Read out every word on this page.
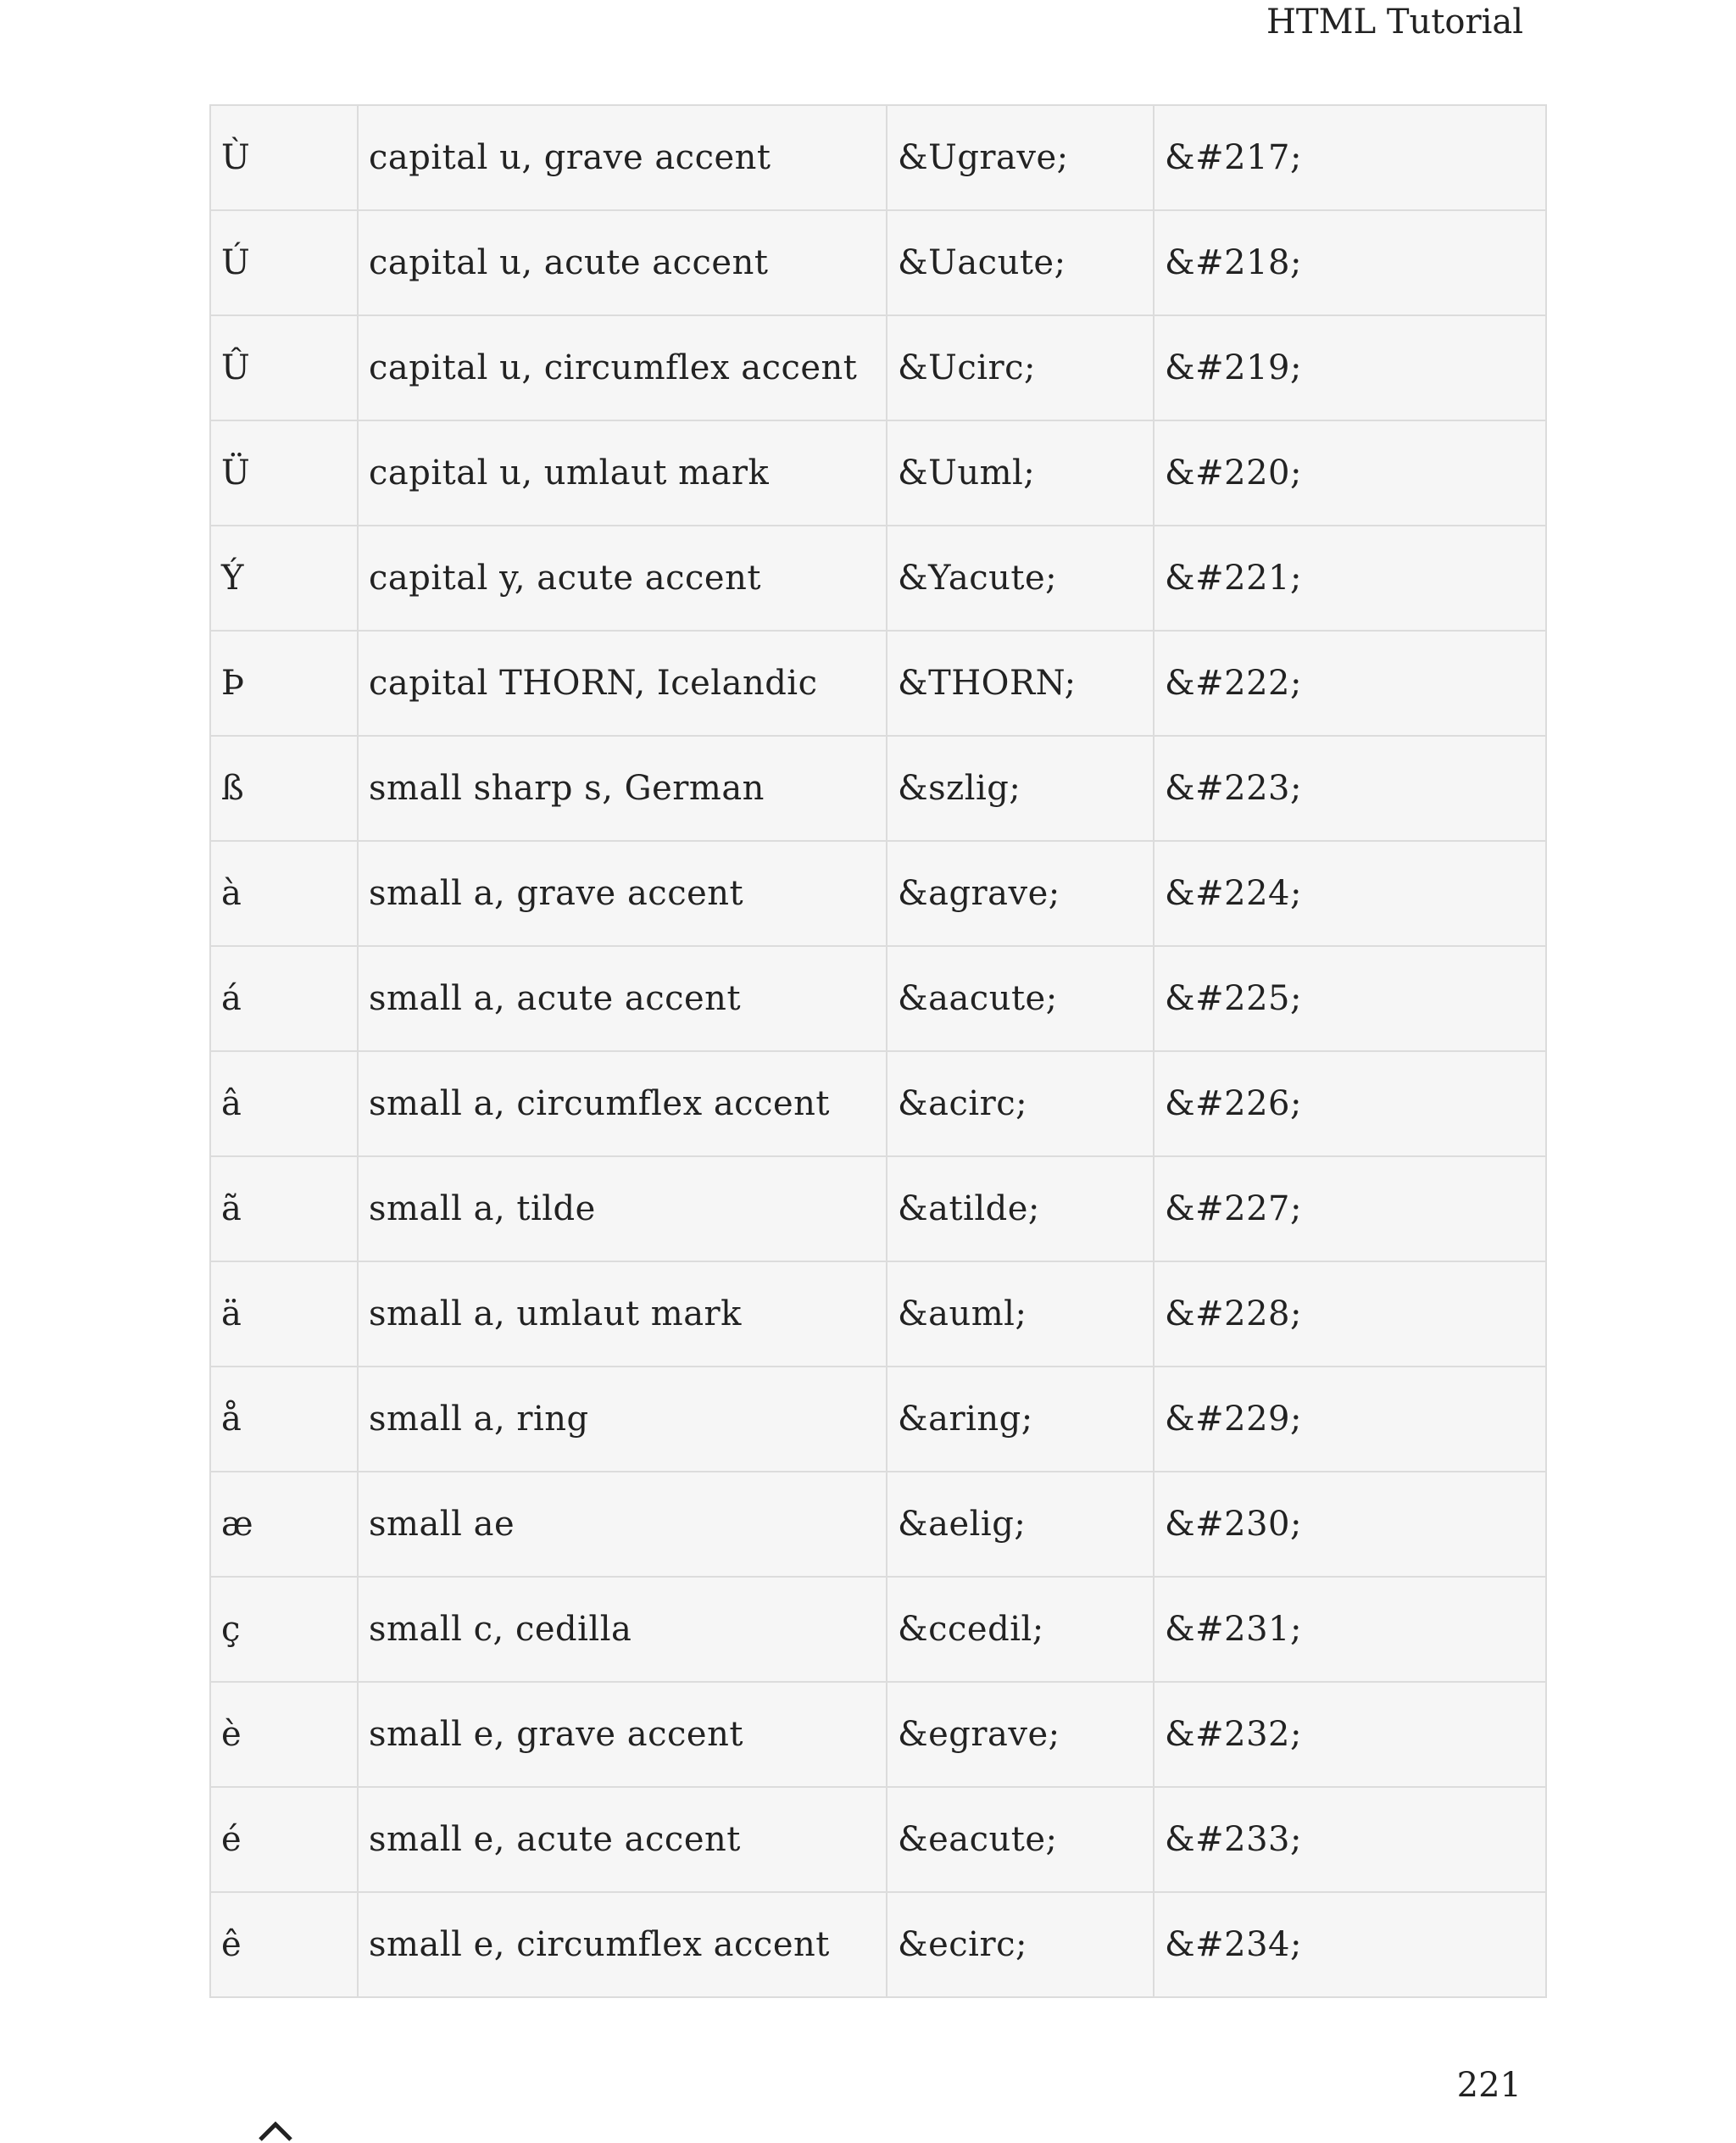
HTML Tutorial
Ù	capital u, grave accent	&Ugrave;	&#217;
Ú	capital u, acute accent	&Uacute;	&#218;
Û	capital u, circumflex accent	&Ucirc;	&#219;
Ü	capital u, umlaut mark	&Uuml;	&#220;
Ý	capital y, acute accent	&Yacute;	&#221;
Þ	capital THORN, Icelandic	&THORN;	&#222;
ß	small sharp s, German	&szlig;	&#223;
à	small a, grave accent	&agrave;	&#224;
á	small a, acute accent	&aacute;	&#225;
â	small a, circumflex accent	&acirc;	&#226;
ã	small a, tilde	&atilde;	&#227;
ä	small a, umlaut mark	&auml;	&#228;
å	small a, ring	&aring;	&#229;
æ	small ae	&aelig;	&#230;
ç	small c, cedilla	&ccedil;	&#231;
è	small e, grave accent	&egrave;	&#232;
é	small e, acute accent	&eacute;	&#233;
ê	small e, circumflex accent	&ecirc;	&#234;
221
